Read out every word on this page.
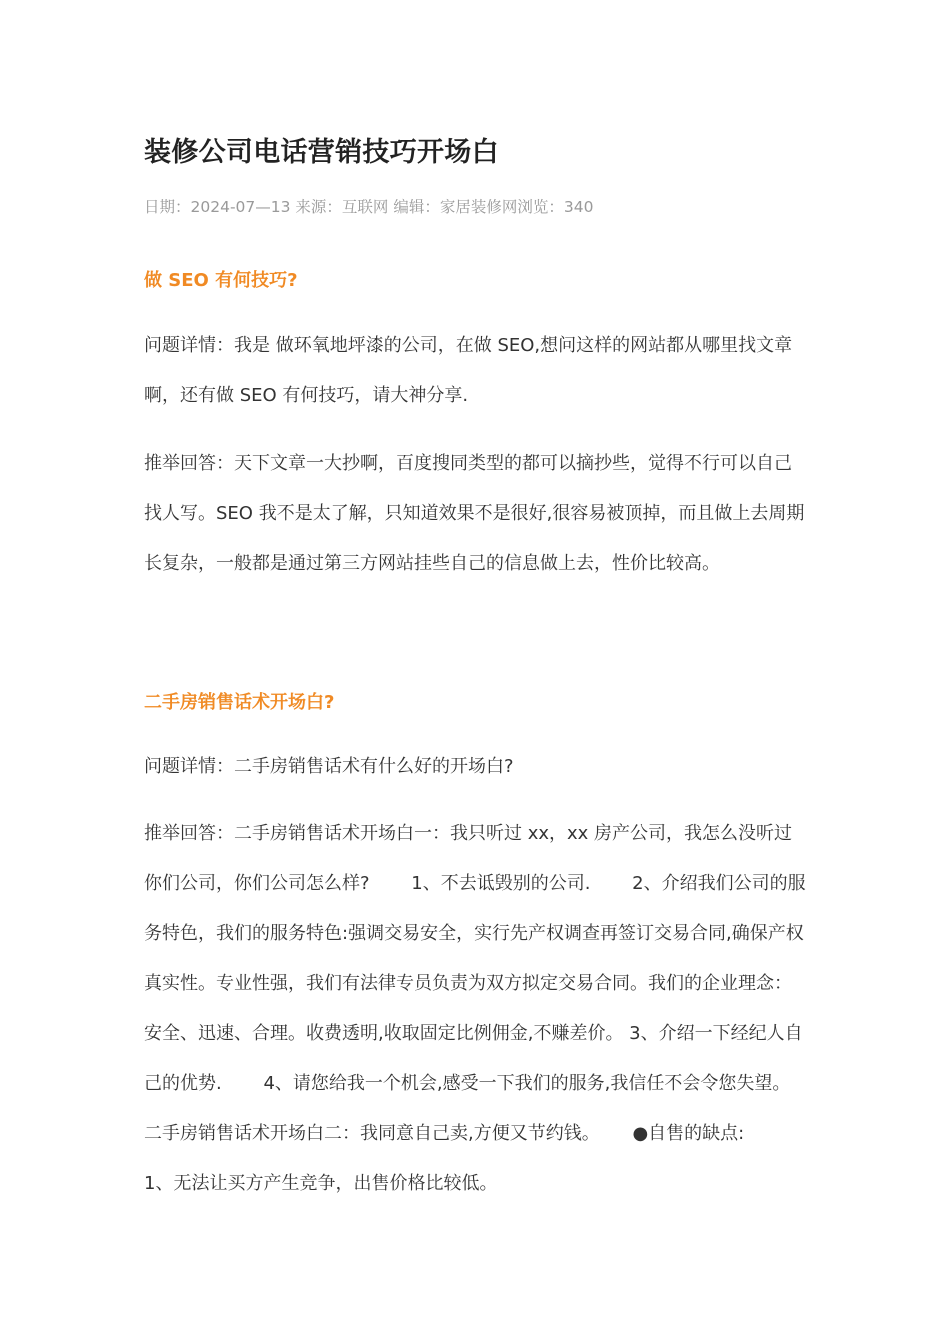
装修公司电话营销技巧开场白
日期：2024-07—13 来源：互联网 编辑：家居装修网浏览：340
做 SEO 有何技巧?

问题详情：我是 做环氧地坪漆的公司，在做 SEO,想问这样的网站都从哪里找文章啊，还有做 SEO 有何技巧，请大神分享.

推举回答：天下文章一大抄啊，百度搜同类型的都可以摘抄些，觉得不行可以自己找人写。SEO 我不是太了解，只知道效果不是很好,很容易被顶掉，而且做上去周期长复杂，一般都是通过第三方网站挂些自己的信息做上去，性价比较高。

二手房销售话术开场白?

问题详情：二手房销售话术有什么好的开场白?

推举回答：二手房销售话术开场白一：我只听过 xx，xx 房产公司，我怎么没听过你们公司，你们公司怎么样?　　 1、不去诋毁别的公司.　　 2、介绍我们公司的服务特色，我们的服务特色:强调交易安全，实行先产权调查再签订交易合同,确保产权真实性。专业性强，我们有法律专员负责为双方拟定交易合同。我们的企业理念：安全、迅速、合理。收费透明,收取固定比例佣金,不赚差价。 3、介绍一下经纪人自己的优势.　　 4、请您给我一个机会,感受一下我们的服务,我信任不会令您失望。　　 二手房销售话术开场白二：我同意自己卖,方便又节约钱。　　 ●自售的缺点:　　 1、无法让买方产生竞争，出售价格比较低。
